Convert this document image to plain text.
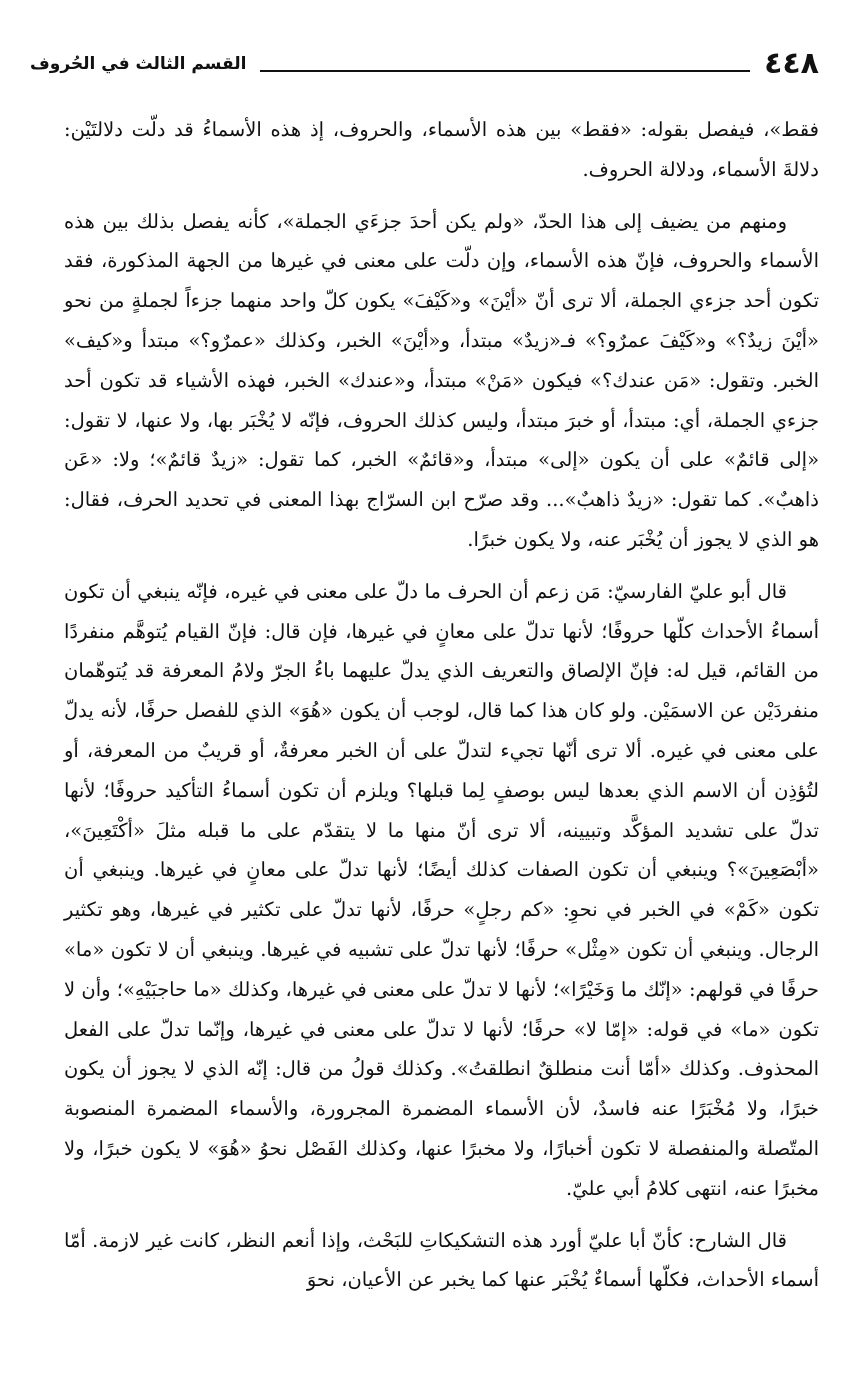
٤٤٨
القسم الثالث في الحُروف

فقط»، فيفصل بقوله: «فقط» بين هذه الأسماء، والحروف، إذ هذه الأسماءُ قد دلّت دلالتَيْن: دلالةَ الأسماء، ودلالة الحروف.

ومنهم من يضيف إلى هذا الحدّ، «ولم يكن أحدَ جزءَي الجملة»، كأنه يفصل بذلك بين هذه الأسماء والحروف، فإنّ هذه الأسماء، وإن دلّت على معنى في غيرها من الجهة المذكورة، فقد تكون أحد جزءي الجملة، ألا ترى أنّ «أيْنَ» و«كَيْفَ» يكون كلّ واحد منهما جزءاً لجملةٍ من نحو «أيْنَ زيدٌ؟» و«كَيْفَ عمرٌو؟» فـ«زيدٌ» مبتدأ، و«أيْنَ» الخبر، وكذلك «عمرٌو؟» مبتدأ و«كيف» الخبر. وتقول: «مَن عندك؟» فيكون «مَنْ» مبتدأ، و«عندك» الخبر، فهذه الأشياء قد تكون أحد جزءي الجملة، أي: مبتدأ، أو خبرَ مبتدأ، وليس كذلك الحروف، فإنّه لا يُخْبَر بها، ولا عنها، لا تقول: «إلى قائمٌ» على أن يكون «إلى» مبتدأ، و«قائمٌ» الخبر، كما تقول: «زيدٌ قائمٌ»؛ ولا: «عَن ذاهبٌ». كما تقول: «زيدٌ ذاهبٌ»... وقد صرّح ابن السرّاج بهذا المعنى في تحديد الحرف، فقال: هو الذي لا يجوز أن يُخْبَر عنه، ولا يكون خبرًا.

قال أبو عليّ الفارسيّ: مَن زعم أن الحرف ما دلّ على معنى في غيره، فإنّه ينبغي أن تكون أسماءُ الأحداث كلّها حروفًا؛ لأنها تدلّ على معانٍ في غيرها، فإن قال: فإنّ القيام يُتوهَّم منفردًا من القائم، قيل له: فإنّ الإلصاق والتعريف الذي يدلّ عليهما باءُ الجرّ ولامُ المعرفة قد يُتوهّمان منفردَيْن عن الاسمَيْن. ولو كان هذا كما قال، لوجب أن يكون «هُوَ» الذي للفصل حرفًا، لأنه يدلّ على معنى في غيره. ألا ترى أنّها تجيء لتدلّ على أن الخبر معرفةٌ، أو قريبٌ من المعرفة، أو لتُؤذِن أن الاسم الذي بعدها ليس بوصفٍ لِما قبلها؟ ويلزم أن تكون أسماءُ التأكيد حروفًا؛ لأنها تدلّ على تشديد المؤكَّد وتبيينه، ألا ترى أنّ منها ما لا يتقدّم على ما قبله مثلَ «أكْتَعِينَ»، «أبْصَعِينَ»؟ وينبغي أن تكون الصفات كذلك أيضًا؛ لأنها تدلّ على معانٍ في غيرها. وينبغي أن تكون «كَمْ» في الخبر في نحوِ: «كم رجلٍ» حرفًا، لأنها تدلّ على تكثير في غيرها، وهو تكثير الرجال. وينبغي أن تكون «مِثْل» حرفًا؛ لأنها تدلّ على تشبيه في غيرها. وينبغي أن لا تكون «ما» حرفًا في قولهم: «إنّك ما وَخَيْرًا»؛ لأنها لا تدلّ على معنى في غيرها، وكذلك «ما حاجبَيْهِ»؛ وأن لا تكون «ما» في قوله: «إمّا لا» حرفًا؛ لأنها لا تدلّ على معنى في غيرها، وإنّما تدلّ على الفعل المحذوف. وكذلك «أمّا أنت منطلقٌ انطلقتُ». وكذلك قولُ من قال: إنّه الذي لا يجوز أن يكون خبرًا، ولا مُخْبَرًا عنه فاسدٌ، لأن الأسماء المضمرة المجرورة، والأسماء المضمرة المنصوبة المتّصلة والمنفصلة لا تكون أخبارًا، ولا مخبرًا عنها، وكذلك الفَصْل نحوُ «هُوَ» لا يكون خبرًا، ولا مخبرًا عنه، انتهى كلامُ أبي عليّ.

قال الشارح: كأنّ أبا عليّ أورد هذه التشكيكاتِ للبَحْث، وإذا أنعم النظر، كانت غير لازمة. أمّا أسماء الأحداث، فكلّها أسماءٌ يُخْبَر عنها كما يخبر عن الأعيان، نحوَ
